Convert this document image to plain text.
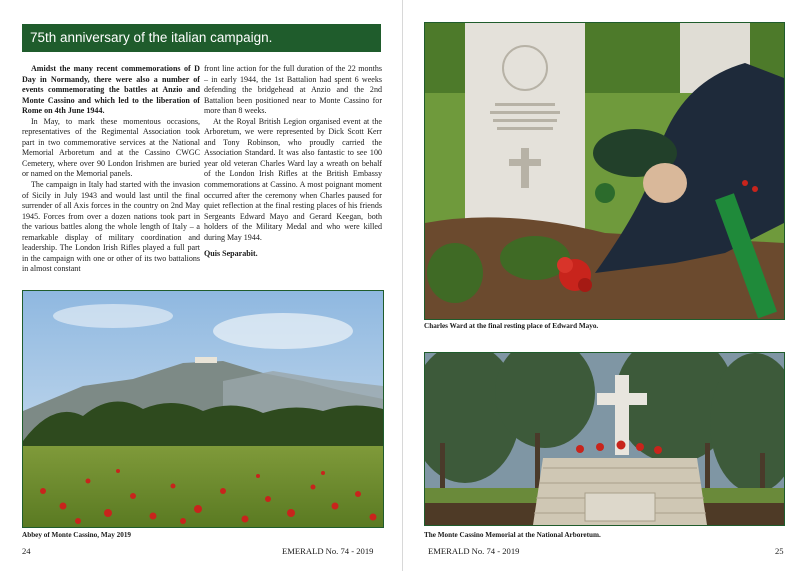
75th anniversary of the italian campaign.

Amidst the many recent commemorations of D Day in Normandy, there were also a number of events commemorating the battles at Anzio and Monte Cassino and which led to the liberation of Rome on 4th June 1944.

In May, to mark these momentous occasions, representatives of the Regimental Association took part in two commemorative services at the National Memorial Arboretum and at the Cassino CWGC Cemetery, where over 90 London Irishmen are buried or named on the Memorial panels.

The campaign in Italy had started with the invasion of Sicily in July 1943 and would last until the final surrender of all Axis forces in the country on 2nd May 1945. Forces from over a dozen nations took part in the various battles along the whole length of Italy – a remarkable display of military coordination and leadership. The London Irish Rifles played a full part in the campaign with one or other of its two battalions in almost constant

front line action for the full duration of the 22 months – in early 1944, the 1st Battalion had spent 6 weeks defending the bridgehead at Anzio and the 2nd Battalion been positioned near to Monte Cassino for more than 8 weeks.

At the Royal British Legion organised event at the Arboretum, we were represented by Dick Scott Kerr and Tony Robinson, who proudly carried the Association Standard. It was also fantastic to see 100 year old veteran Charles Ward lay a wreath on behalf of the London Irish Rifles at the British Embassy commemorations at Cassino. A most poignant moment occurred after the ceremony when Charles paused for quiet reflection at the final resting places of his friends Sergeants Edward Mayo and Gerard Keegan, both holders of the Military Medal and who were killed during May 1944.

Quis Separabit.

Abbey of Monte Cassino, May 2019
24	EMERALD No. 74 - 2019
Charles Ward at the final resting place of Edward Mayo.
The Monte Cassino Memorial at the National Arboretum.
EMERALD No. 74 - 2019	25
